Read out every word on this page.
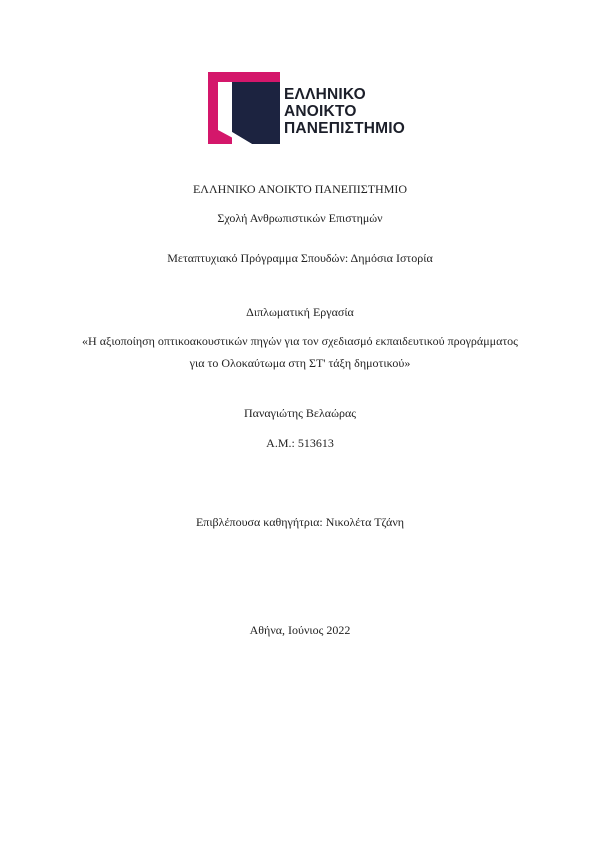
ΕΛΛΗΝΙΚΟ
ΑΝΟΙΚΤΟ
ΠΑΝΕΠΙΣΤΗΜΙΟ
ΕΛΛΗΝΙΚΟ ΑΝΟΙΚΤΟ ΠΑΝΕΠΙΣΤΗΜΙΟ
Σχολή Ανθρωπιστικών Επιστημών
Μεταπτυχιακό Πρόγραμμα Σπουδών: Δημόσια Ιστορία
Διπλωματική Εργασία
«Η αξιοποίηση οπτικοακουστικών πηγών για τον σχεδιασμό εκπαιδευτικού προγράμματος
για το Ολοκαύτωμα στη ΣΤ' τάξη δημοτικού»
Παναγιώτης Βελαώρας
Α.Μ.: 513613
Επιβλέπουσα καθηγήτρια: Νικολέτα Τζάνη
Αθήνα, Ιούνιος 2022
